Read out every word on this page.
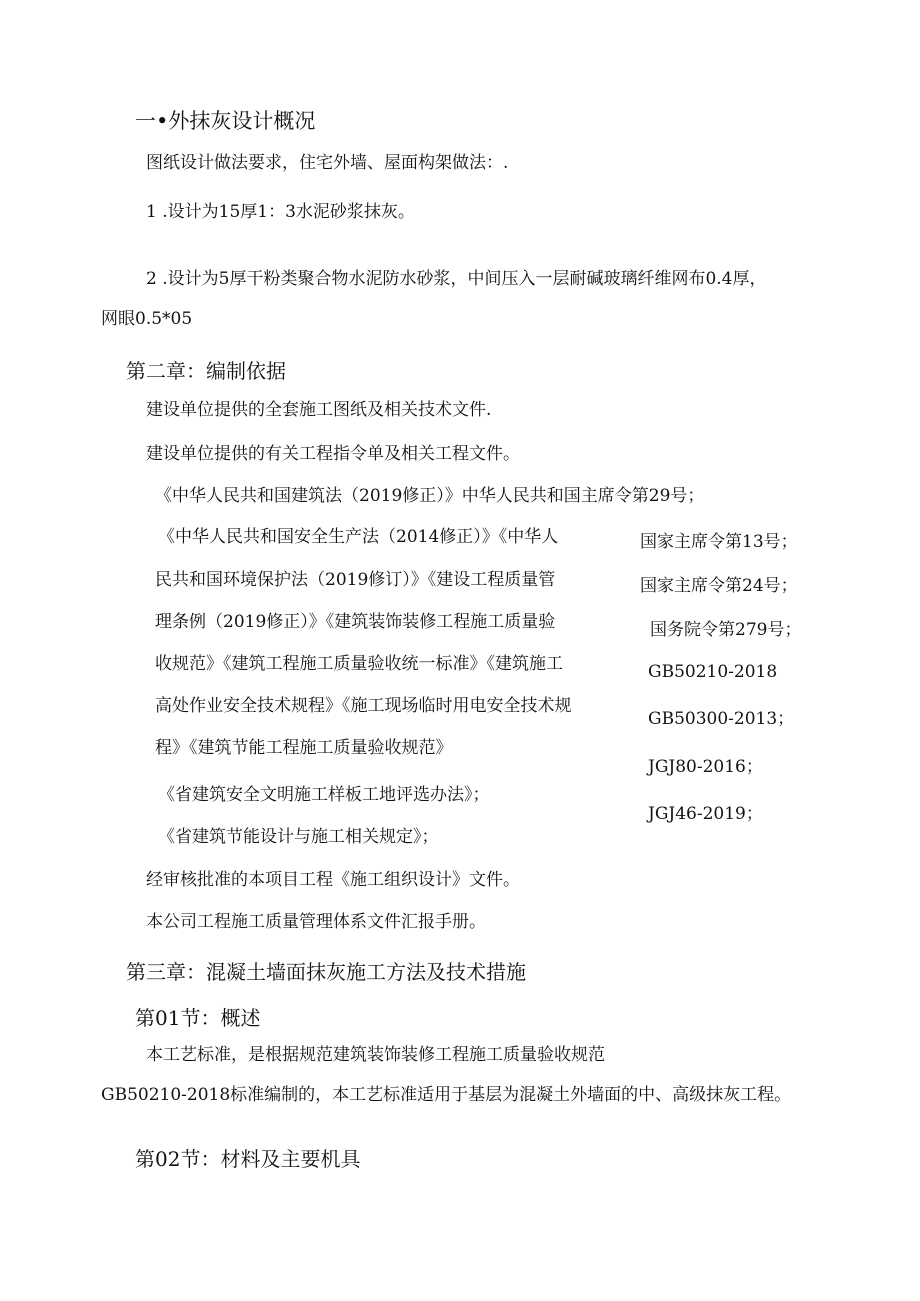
一•外抹灰设计概况
图纸设计做法要求，住宅外墙、屋面构架做法：.
1 .设计为15厚1：3水泥砂浆抹灰。
2 .设计为5厚干粉类聚合物水泥防水砂浆，中间压入一层耐碱玻璃纤维网布0.4厚，
网眼0.5*05
第二章：编制依据
建设单位提供的全套施工图纸及相关技术文件.
建设单位提供的有关工程指令单及相关工程文件。
《中华人民共和国建筑法（2019修正）》中华人民共和国主席令第29号；
《中华人民共和国安全生产法（2014修正）》《中华人
民共和国环境保护法（2019修订）》《建设工程质量管
理条例（2019修正）》《建筑装饰装修工程施工质量验
收规范》《建筑工程施工质量验收统一标准》《建筑施工
高处作业安全技术规程》《施工现场临时用电安全技术规
程》《建筑节能工程施工质量验收规范》
国家主席令第13号；
国家主席令第24号；
国务院令第279号；
GB50210-2018
GB50300-2013；
JGJ80-2016；
JGJ46-2019；
《省建筑安全文明施工样板工地评选办法》；
《省建筑节能设计与施工相关规定》；
经审核批准的本项目工程《施工组织设计》文件。
本公司工程施工质量管理体系文件汇报手册。
第三章：混凝土墙面抹灰施工方法及技术措施
第01节：概述
本工艺标准，是根据规范建筑装饰装修工程施工质量验收规范
GB50210-2018标准编制的，本工艺标准适用于基层为混凝土外墙面的中、高级抹灰工程。
第02节：材料及主要机具
